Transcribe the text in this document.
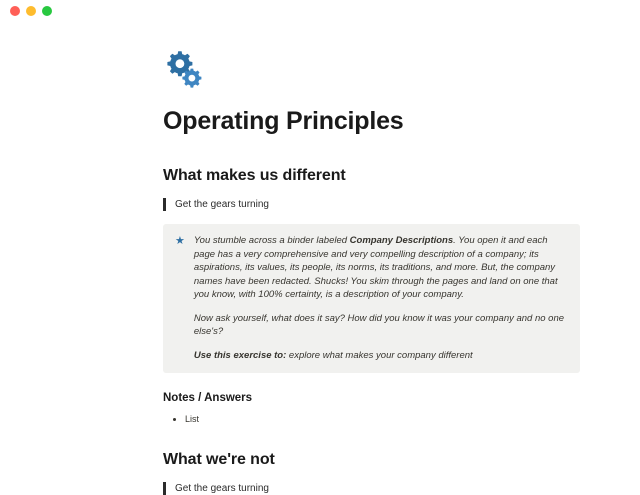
Operating Principles
What makes us different
Get the gears turning
★ You stumble across a binder labeled Company Descriptions. You open it and each page has a very comprehensive and very compelling description of a company; its aspirations, its values, its people, its norms, its traditions, and more. But, the company names have been redacted. Shucks! You skim through the pages and land on one that you know, with 100% certainty, is a description of your company.

Now ask yourself, what does it say? How did you know it was your company and no one else's?

Use this exercise to: explore what makes your company different

Notes / Answers
• List
What we're not
Get the gears turning
